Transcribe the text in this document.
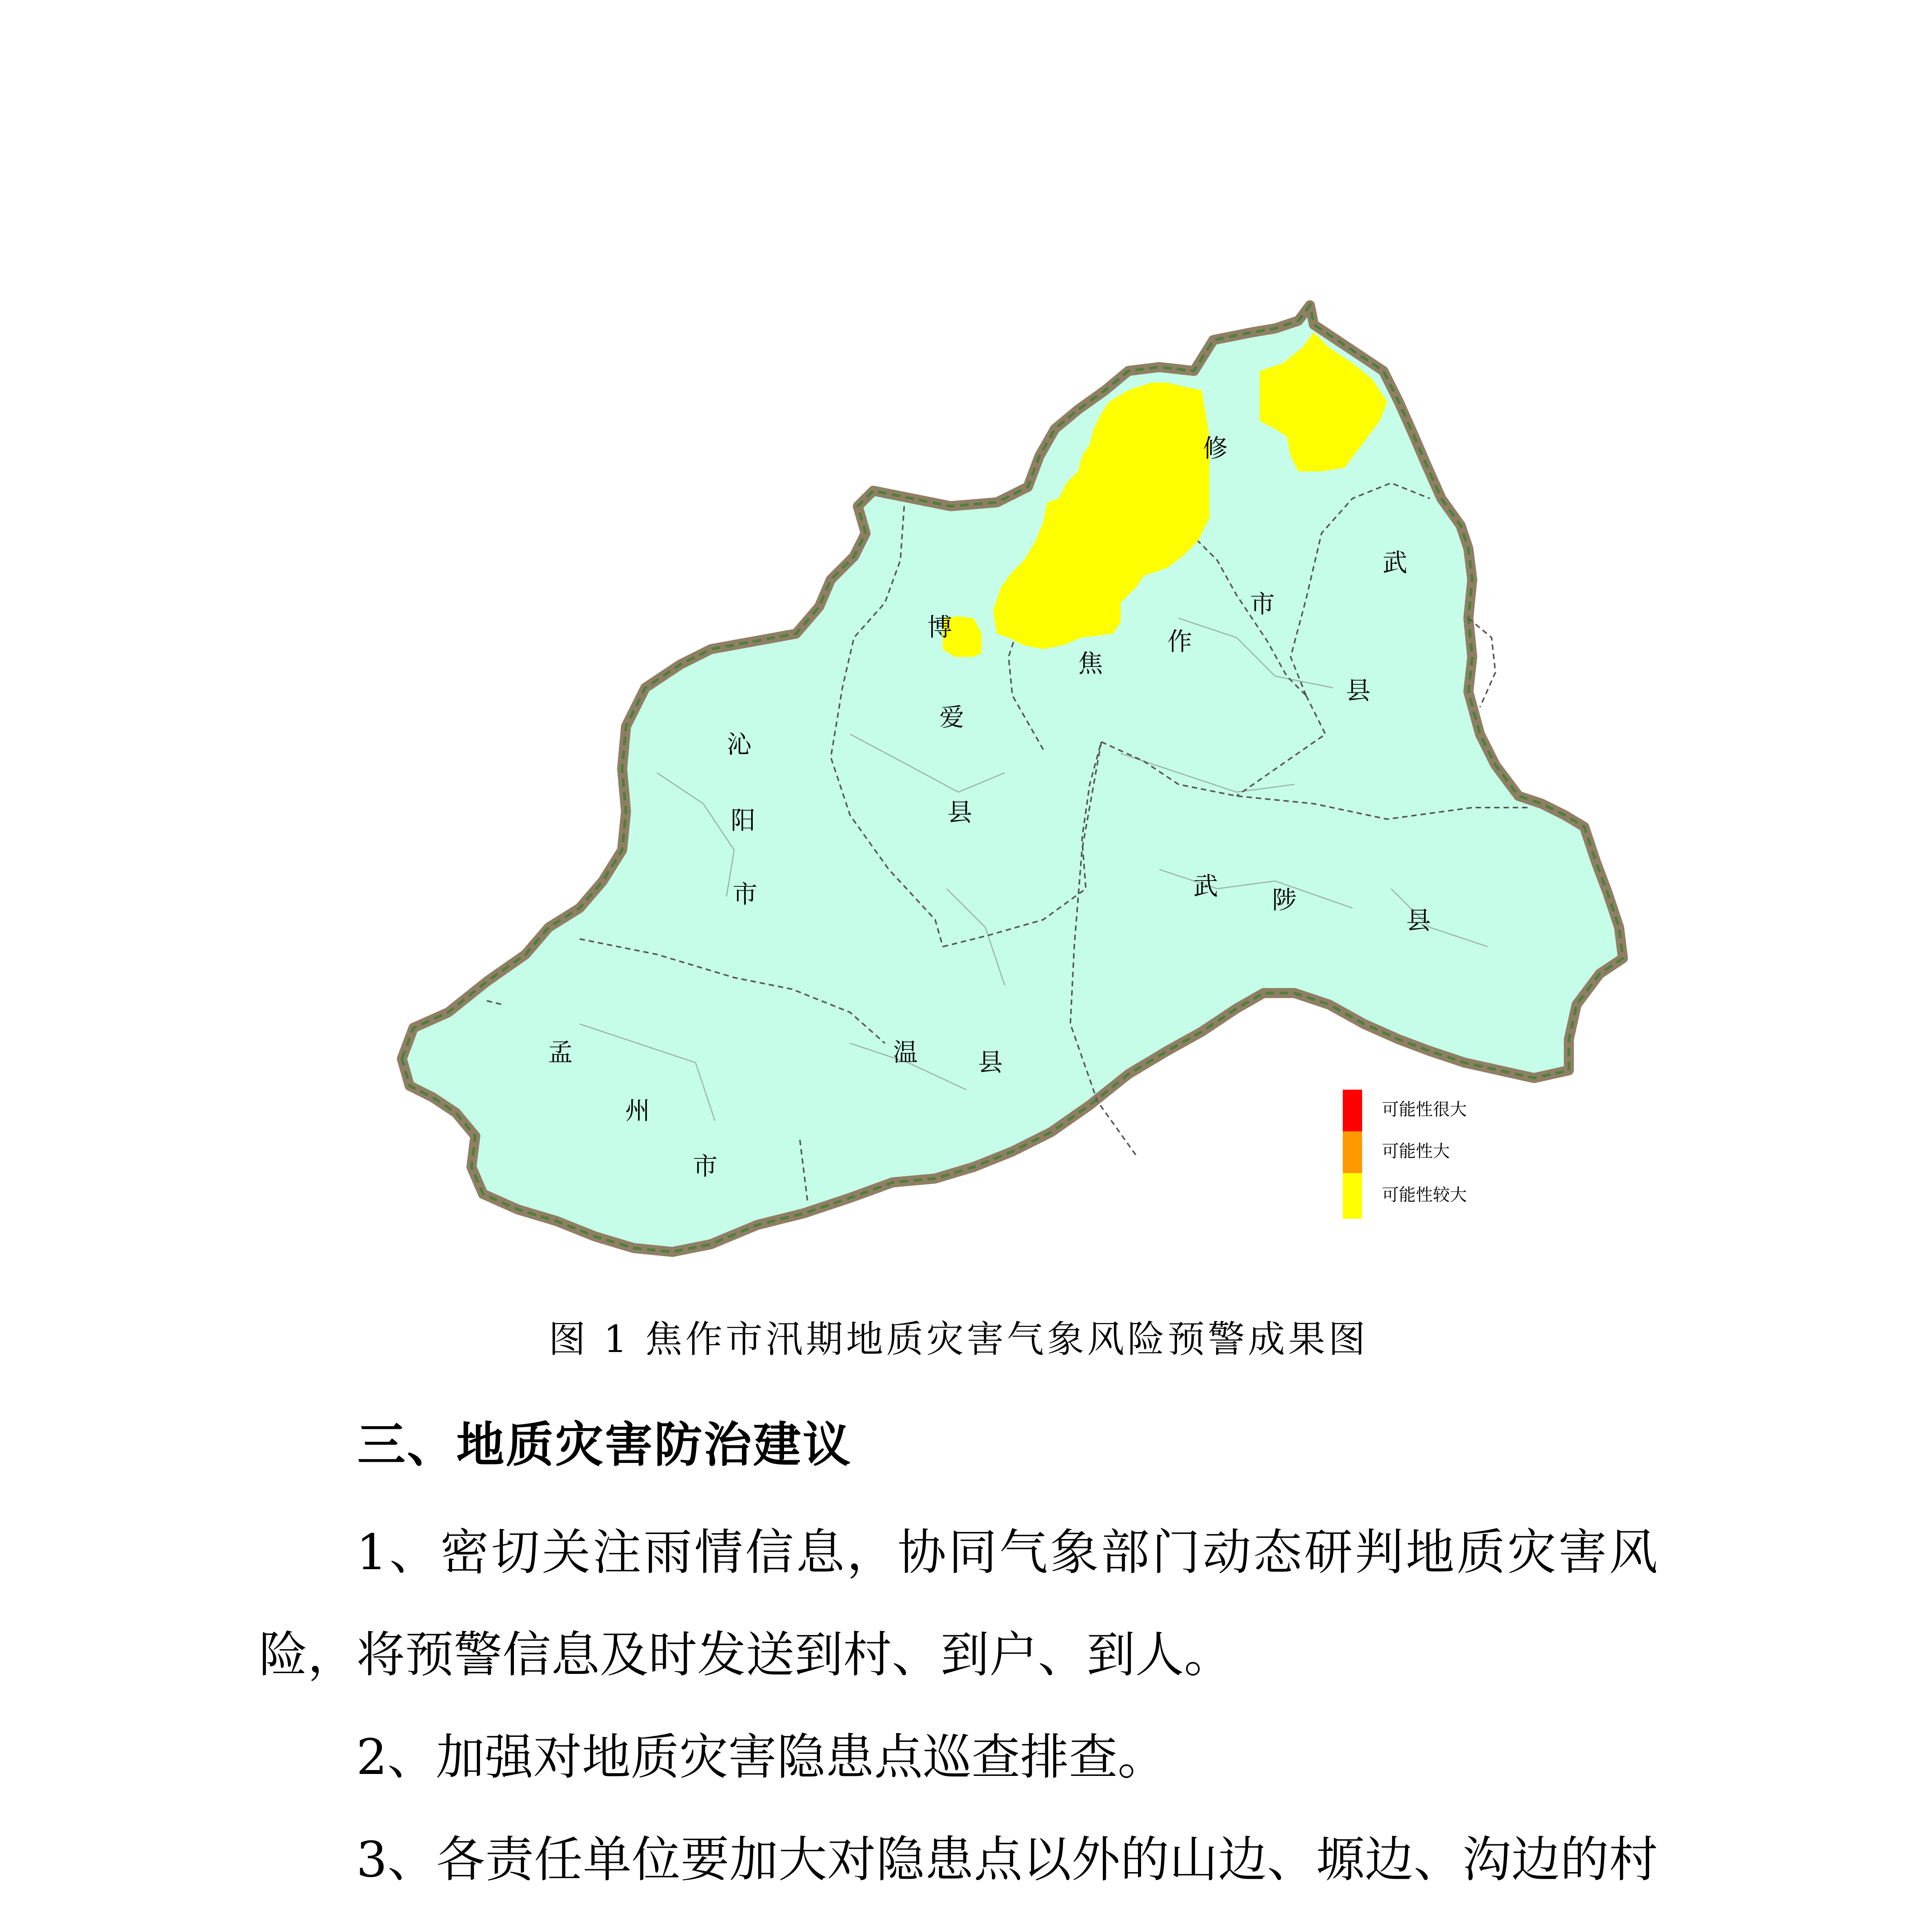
修
武
县
博
爱
县
焦
作
市
沁
阳
市	武 陟
县
温 县
孟
州
市
可能性很大
可能性大
可能性较大
图 1 焦作市汛期地质灾害气象风险预警成果图
三、地质灾害防治建议

1、密切关注雨情信息，协同气象部门动态研判地质灾害风险，将预警信息及时发送到村、到户、到人。

2、加强对地质灾害隐患点巡查排查。

3、各责任单位要加大对隐患点以外的山边、塬边、沟边的村
